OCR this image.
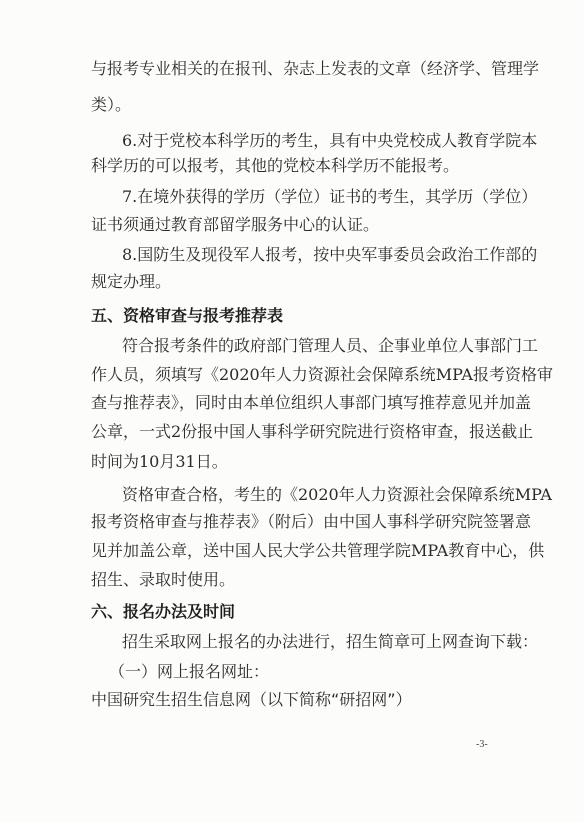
与报考专业相关的在报刊、杂志上发表的文章（经济学、管理学
类）。
6.对于党校本科学历的考生，具有中央党校成人教育学院本
科学历的可以报考，其他的党校本科学历不能报考。
7.在境外获得的学历（学位）证书的考生，其学历（学位）
证书须通过教育部留学服务中心的认证。
8.国防生及现役军人报考，按中央军事委员会政治工作部的
规定办理。
五、资格审查与报考推荐表
符合报考条件的政府部门管理人员、企事业单位人事部门工
作人员，须填写《2020年人力资源社会保障系统MPA报考资格审
查与推荐表》，同时由本单位组织人事部门填写推荐意见并加盖
公章，一式2份报中国人事科学研究院进行资格审查，报送截止
时间为10月31日。
资格审查合格，考生的《2020年人力资源社会保障系统MPA
报考资格审查与推荐表》（附后）由中国人事科学研究院签署意
见并加盖公章，送中国人民大学公共管理学院MPA教育中心，供
招生、录取时使用。
六、报名办法及时间
招生采取网上报名的办法进行，招生简章可上网查询下载：
（一）网上报名网址：
中国研究生招生信息网（以下简称“研招网”）
-3-
